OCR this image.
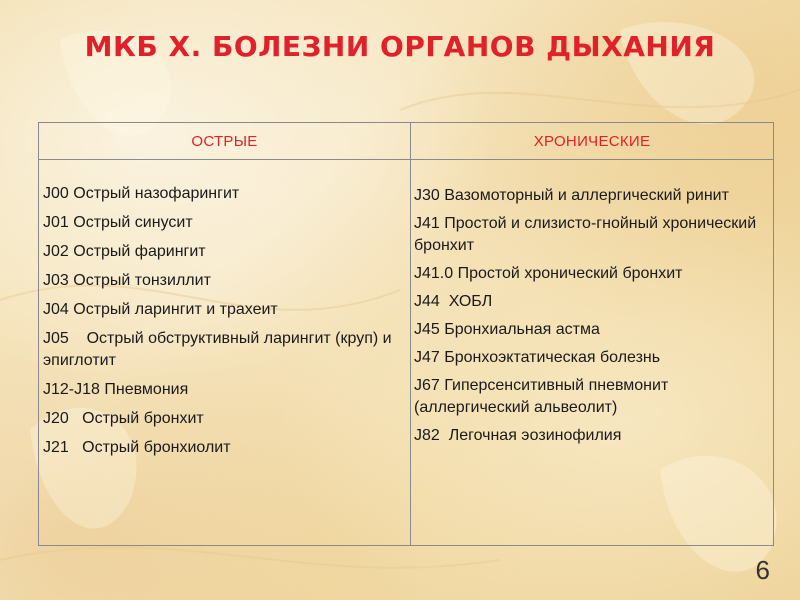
МКБ Х. БОЛЕЗНИ ОРГАНОВ ДЫХАНИЯ
ОСТРЫЕ	ХРОНИЧЕСКИЕ
J00 Острый назофарингит
J01 Острый синусит
J02 Острый фарингит
J03 Острый тонзиллит
J04 Острый ларингит и трахеит
J05    Острый обструктивный ларингит (круп) и эпиглотит
J12-J18 Пневмония
J20   Острый бронхит
J21   Острый бронхиолит
J30 Вазомоторный и аллергический ринит
J41 Простой и слизисто-гнойный хронический бронхит
J41.0 Простой хронический бронхит
J44  ХОБЛ
J45 Бронхиальная астма
J47 Бронхоэктатическая болезнь
J67 Гиперсенситивный пневмонит (аллергический альвеолит)
J82  Легочная эозинофилия
6
